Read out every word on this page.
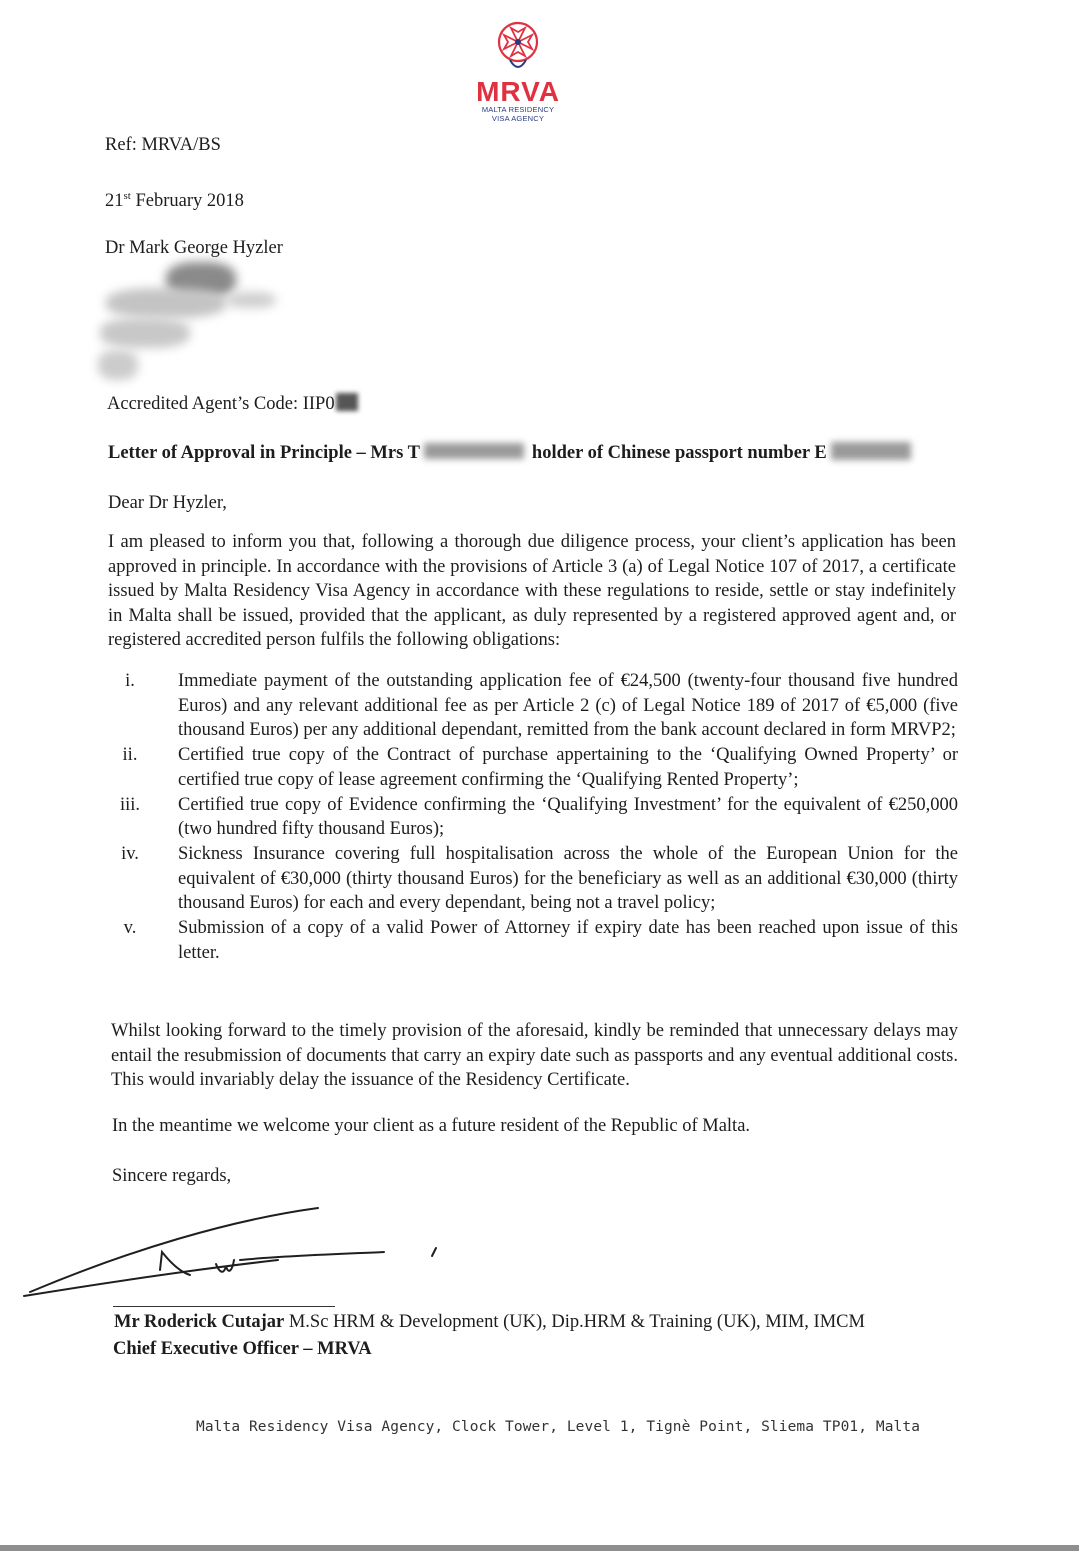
MRVA
MALTA RESIDENCY
VISA AGENCY
Ref: MRVA/BS
21st February 2018
Dr Mark George Hyzler
Accredited Agent’s Code: IIP0
Letter of Approval in Principle – Mrs T	holder of Chinese passport number E
Dear Dr Hyzler,
I am pleased to inform you that, following a thorough due diligence process, your client’s application has been approved in principle. In accordance with the provisions of Article 3 (a) of Legal Notice 107 of 2017, a certificate issued by Malta Residency Visa Agency in accordance with these regulations to reside, settle or stay indefinitely in Malta shall be issued, provided that the applicant, as duly represented by a registered approved agent and, or registered accredited person fulfils the following obligations:
i.	Immediate payment of the outstanding application fee of €24,500 (twenty-four thousand five hundred Euros) and any relevant additional fee as per Article 2 (c) of Legal Notice 189 of 2017 of €5,000 (five thousand Euros) per any additional dependant, remitted from the bank account declared in form MRVP2;
ii.	Certified true copy of the Contract of purchase appertaining to the ‘Qualifying Owned Property’ or certified true copy of lease agreement confirming the ‘Qualifying Rented Property’;
iii.	Certified true copy of Evidence confirming the ‘Qualifying Investment’ for the equivalent of €250,000 (two hundred fifty thousand Euros);
iv.	Sickness Insurance covering full hospitalisation across the whole of the European Union for the equivalent of €30,000 (thirty thousand Euros) for the beneficiary as well as an additional €30,000 (thirty thousand Euros) for each and every dependant, being not a travel policy;
v.	Submission of a copy of a valid Power of Attorney if expiry date has been reached upon issue of this letter.
Whilst looking forward to the timely provision of the aforesaid, kindly be reminded that unnecessary delays may entail the resubmission of documents that carry an expiry date such as passports and any eventual additional costs. This would invariably delay the issuance of the Residency Certificate.
In the meantime we welcome your client as a future resident of the Republic of Malta.
Sincere regards,
Mr Roderick Cutajar M.Sc HRM & Development (UK), Dip.HRM & Training (UK), MIM, IMCM
Chief Executive Officer – MRVA
Malta Residency Visa Agency, Clock Tower, Level 1, Tignè Point, Sliema TP01, Malta
